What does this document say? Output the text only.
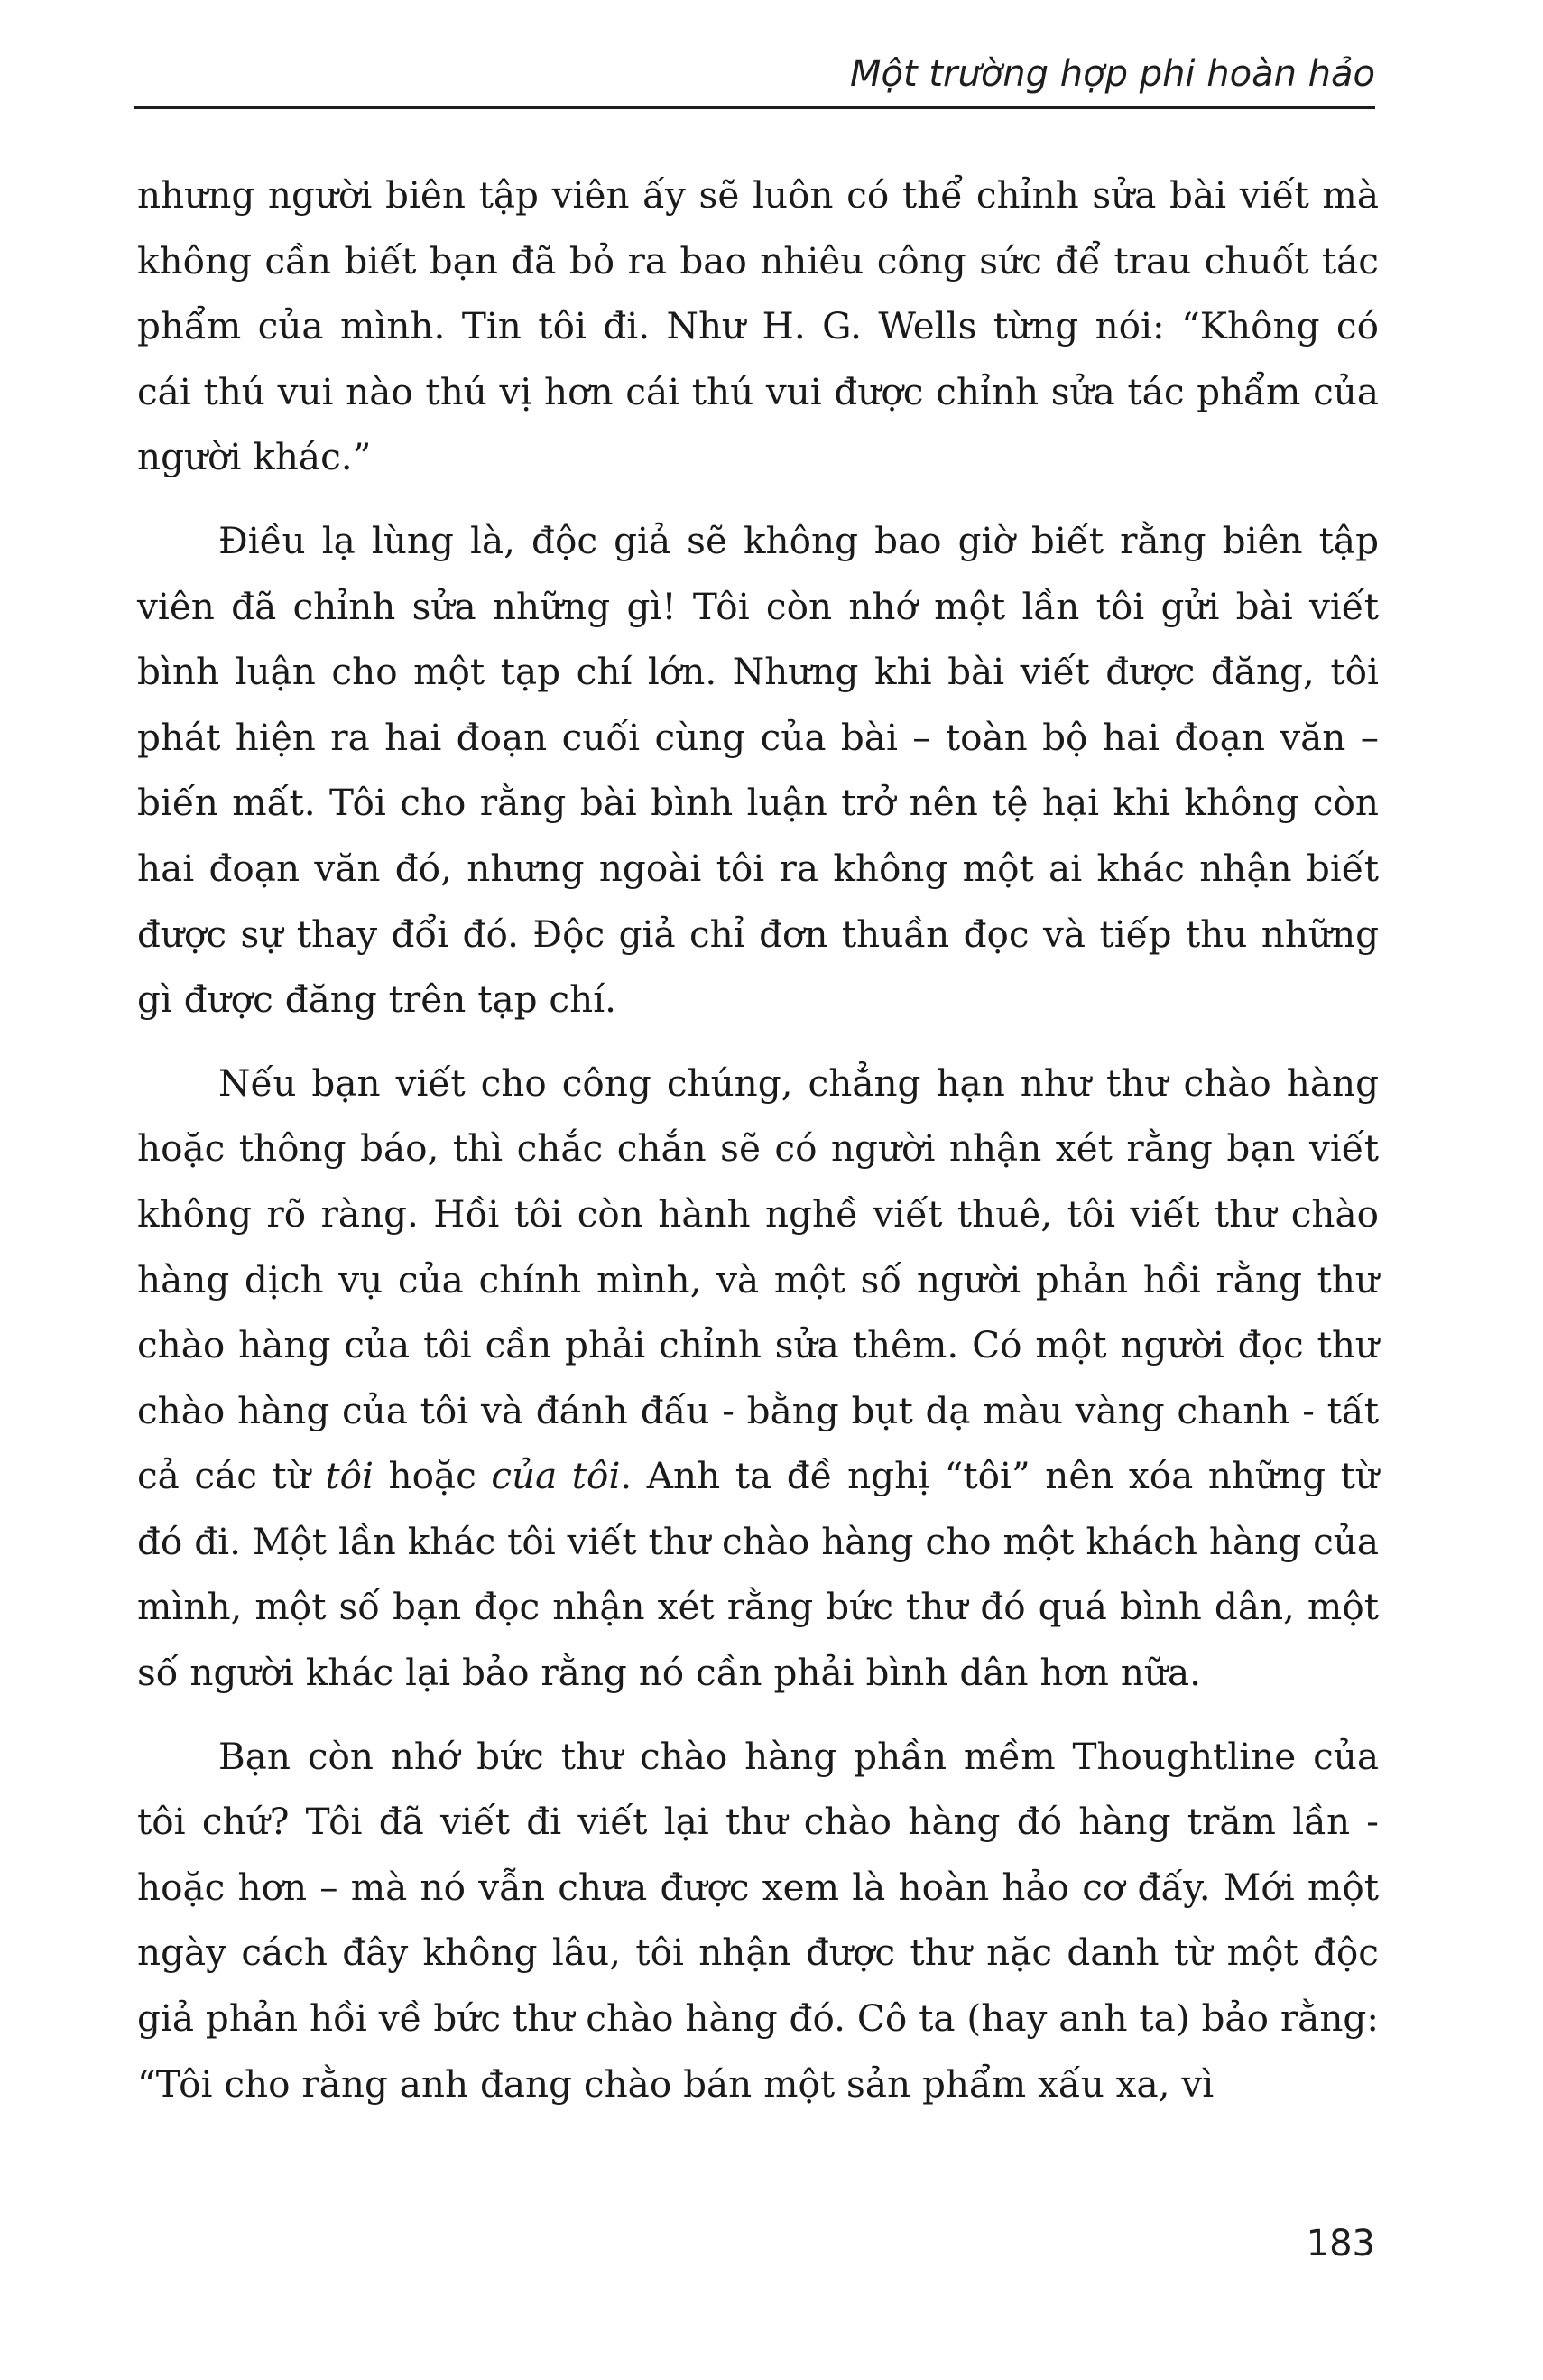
Một trường hợp phi hoàn hảo

nhưng người biên tập viên ấy sẽ luôn có thể chỉnh sửa bài viết mà không cần biết bạn đã bỏ ra bao nhiêu công sức để trau chuốt tác phẩm của mình. Tin tôi đi. Như H. G. Wells từng nói: “Không có cái thú vui nào thú vị hơn cái thú vui được chỉnh sửa tác phẩm của người khác.”

Điều lạ lùng là, độc giả sẽ không bao giờ biết rằng biên tập viên đã chỉnh sửa những gì! Tôi còn nhớ một lần tôi gửi bài viết bình luận cho một tạp chí lớn. Nhưng khi bài viết được đăng, tôi phát hiện ra hai đoạn cuối cùng của bài – toàn bộ hai đoạn văn – biến mất. Tôi cho rằng bài bình luận trở nên tệ hại khi không còn hai đoạn văn đó, nhưng ngoài tôi ra không một ai khác nhận biết được sự thay đổi đó. Độc giả chỉ đơn thuần đọc và tiếp thu những gì được đăng trên tạp chí.

Nếu bạn viết cho công chúng, chẳng hạn như thư chào hàng hoặc thông báo, thì chắc chắn sẽ có người nhận xét rằng bạn viết không rõ ràng. Hồi tôi còn hành nghề viết thuê, tôi viết thư chào hàng dịch vụ của chính mình, và một số người phản hồi rằng thư chào hàng của tôi cần phải chỉnh sửa thêm. Có một người đọc thư chào hàng của tôi và đánh đấu - bằng bụt dạ màu vàng chanh - tất cả các từ tôi hoặc của tôi. Anh ta đề nghị “tôi” nên xóa những từ đó đi. Một lần khác tôi viết thư chào hàng cho một khách hàng của mình, một số bạn đọc nhận xét rằng bức thư đó quá bình dân, một số người khác lại bảo rằng nó cần phải bình dân hơn nữa.

Bạn còn nhớ bức thư chào hàng phần mềm Thoughtline của tôi chứ? Tôi đã viết đi viết lại thư chào hàng đó hàng trăm lần - hoặc hơn – mà nó vẫn chưa được xem là hoàn hảo cơ đấy. Mới một ngày cách đây không lâu, tôi nhận được thư nặc danh từ một độc giả phản hồi về bức thư chào hàng đó. Cô ta (hay anh ta) bảo rằng: “Tôi cho rằng anh đang chào bán một sản phẩm xấu xa, vì

183
